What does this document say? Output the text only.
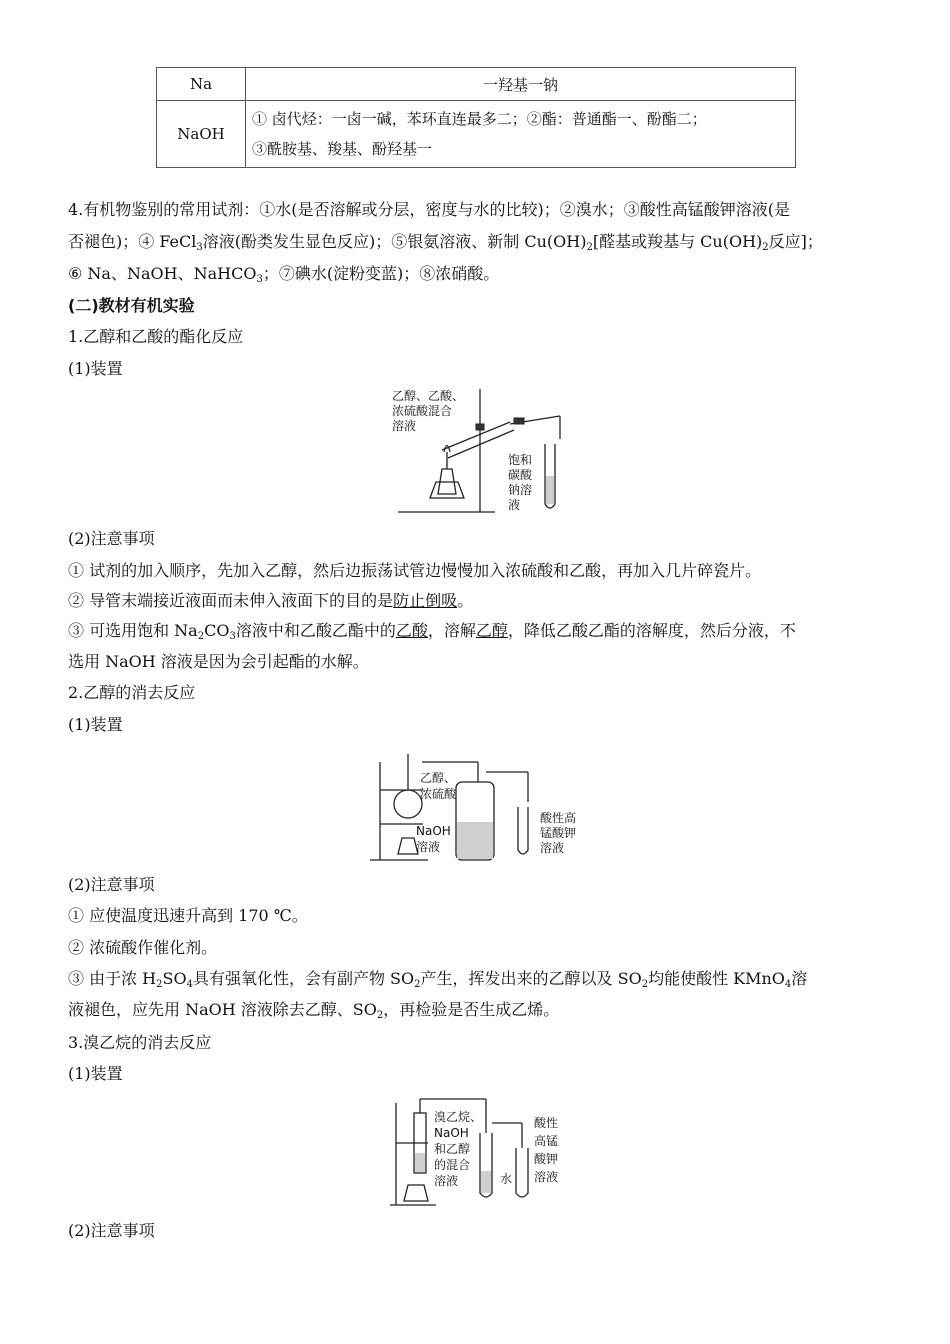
Na	一羟基一钠
NaOH	① 卤代烃：一卤一碱，苯环直连最多二；②酯：普通酯一、酚酯二；
③酰胺基、羧基、酚羟基一
4.有机物鉴别的常用试剂：①水(是否溶解或分层，密度与水的比较)；②溴水；③酸性高锰酸钾溶液(是
否褪色)；④ FeCl$_3$溶液(酚类发生显色反应)；⑤银氨溶液、新制 $Cu(OH)_2$[醛基或羧基与 $Cu(OH)_2$反应]；
⑥ Na、NaOH、NaHCO$_3$；⑦碘水(淀粉变蓝)；⑧浓硝酸。
(二)教材有机实验
1.乙醇和乙酸的酯化反应
(1)装置
乙醇、乙酸、
浓硫酸混合
溶液
饱和
碳酸
钠溶
液
(2)注意事项
① 试剂的加入顺序，先加入乙醇，然后边振荡试管边慢慢加入浓硫酸和乙酸，再加入几片碎瓷片。
② 导管末端接近液面而未伸入液面下的目的是防止倒吸。
③ 可选用饱和 $Na_2CO_3$溶液中和乙酸乙酯中的乙酸，溶解乙醇，降低乙酸乙酯的溶解度，然后分液，不
选用 NaOH 溶液是因为会引起酯的水解。
2.乙醇的消去反应
(1)装置
乙醇、
浓硫酸
NaOH
溶液
酸性高
锰酸钾
溶液
(2)注意事项
① 应使温度迅速升高到 170 ℃。
② 浓硫酸作催化剂。
③ 由于浓 $H_2SO_4$具有强氧化性，会有副产物 $SO_2$产生，挥发出来的乙醇以及 $SO_2$均能使酸性 KMnO$_4$溶
液褪色，应先用 NaOH 溶液除去乙醇、$SO_2$，再检验是否生成乙烯。
3.溴乙烷的消去反应
(1)装置
溴乙烷、
NaOH
和乙醇
的混合
溶液	水
酸性
高锰
酸钾
溶液
(2)注意事项
